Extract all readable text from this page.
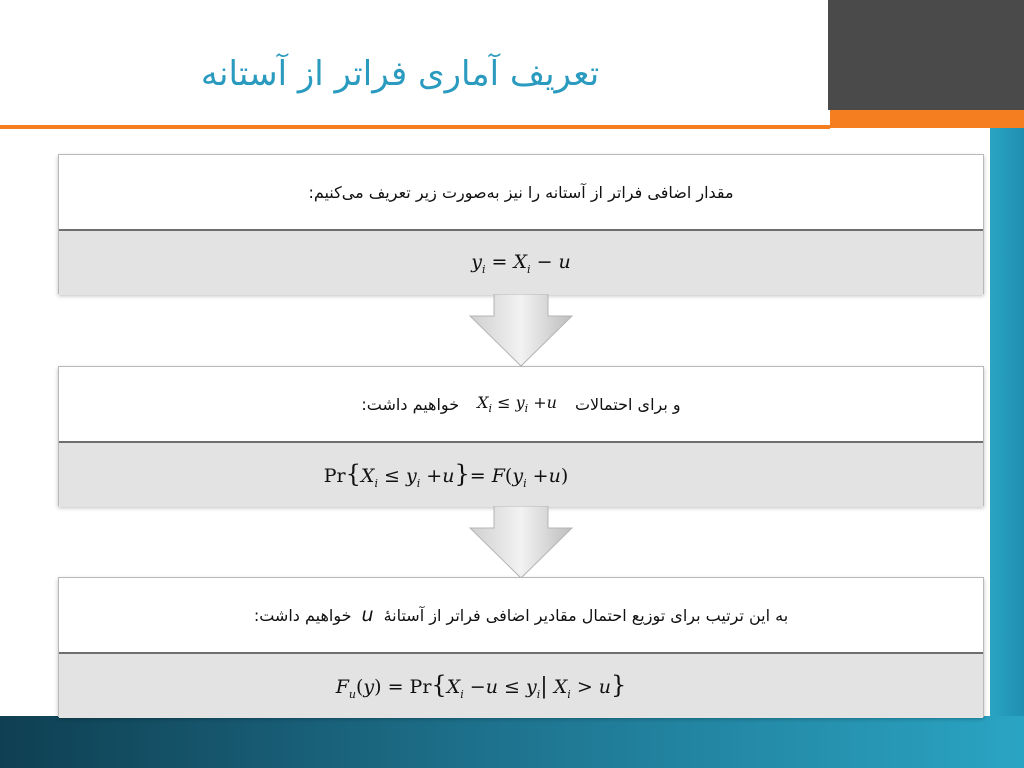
تعریف آماری فراتر از آستانه
مقدار اضافی فراتر از آستانه را نیز به‌صورت زیر تعریف می‌کنیم:
$y_i = X_i - u$
و برای احتمالات
$X_i \le y_i +u$
خواهیم داشت:
$Pr\{X_i \le y_i +u\}= F(y_i +u)$
به این ترتیب برای توزیع احتمال مقادیر اضافی فراتر از آستانهٔ
u
خواهیم داشت:
$F_u(y) = Pr\{X_i -u \le y_i|$ $X_i > u$}
